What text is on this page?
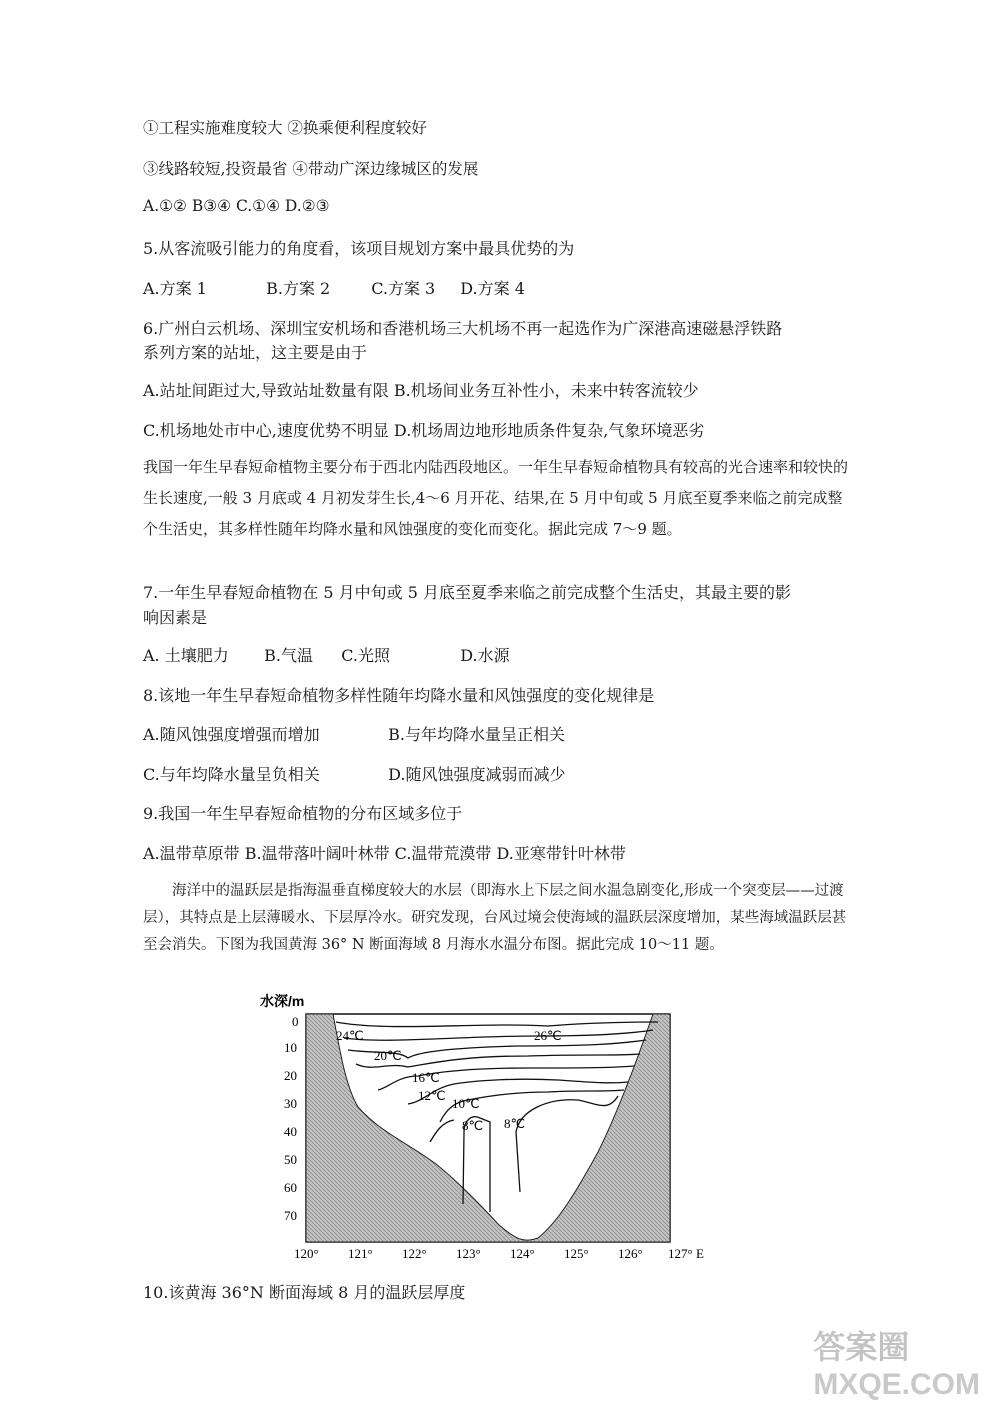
①工程实施难度较大 ②换乘便利程度较好
③线路较短,投资最省 ④带动广深边缘城区的发展
A.①② B③④ C.①④ D.②③
5.从客流吸引能力的角度看，该项目规划方案中最具优势的为
A.方案 1	B.方案 2	C.方案 3 D.方案 4
6.广州白云机场、深圳宝安机场和香港机场三大机场不再一起选作为广深港高速磁悬浮铁路
系列方案的站址，这主要是由于
A.站址间距过大,导致站址数量有限 B.机场间业务互补性小，未来中转客流较少
C.机场地处市中心,速度优势不明显 D.机场周边地形地质条件复杂,气象环境恶劣
我国一年生早春短命植物主要分布于西北内陆西段地区。一年生早春短命植物具有较高的光合速率和较快的生长速度,一般 3 月底或 4 月初发芽生长,4～6 月开花、结果,在 5 月中旬或 5 月底至夏季来临之前完成整个生活史，其多样性随年均降水量和风蚀强度的变化而变化。据此完成 7～9 题。
7.一年生早春短命植物在 5 月中旬或 5 月底至夏季来临之前完成整个生活史，其最主要的影
响因素是
A. 土壤肥力 B.气温 C.光照	D.水源
8.该地一年生早春短命植物多样性随年均降水量和风蚀强度的变化规律是
A.随风蚀强度增强而增加	B.与年均降水量呈正相关
C.与年均降水量呈负相关	D.随风蚀强度减弱而减少
9.我国一年生早春短命植物的分布区域多位于
A.温带草原带 B.温带落叶阔叶林带 C.温带荒漠带 D.亚寒带针叶林带
海洋中的温跃层是指海温垂直梯度较大的水层（即海水上下层之间水温急剧变化,形成一个突变层——过渡层），其特点是上层薄暖水、下层厚冷水。研究发现，台风过境会使海域的温跃层深度增加，某些海域温跃层甚至会消失。下图为我国黄海 36° N 断面海域 8 月海水水温分布图。据此完成 10～11 题。
水深/m
24℃	26℃
20℃
16℃
12℃
10℃
8℃ 8℃
0
10
20
30
40
50
60
70
120° 121° 122° 123° 124° 125° 126° 127° E
10.该黄海 36°N 断面海域 8 月的温跃层厚度
答案圈
MXQE.COM
